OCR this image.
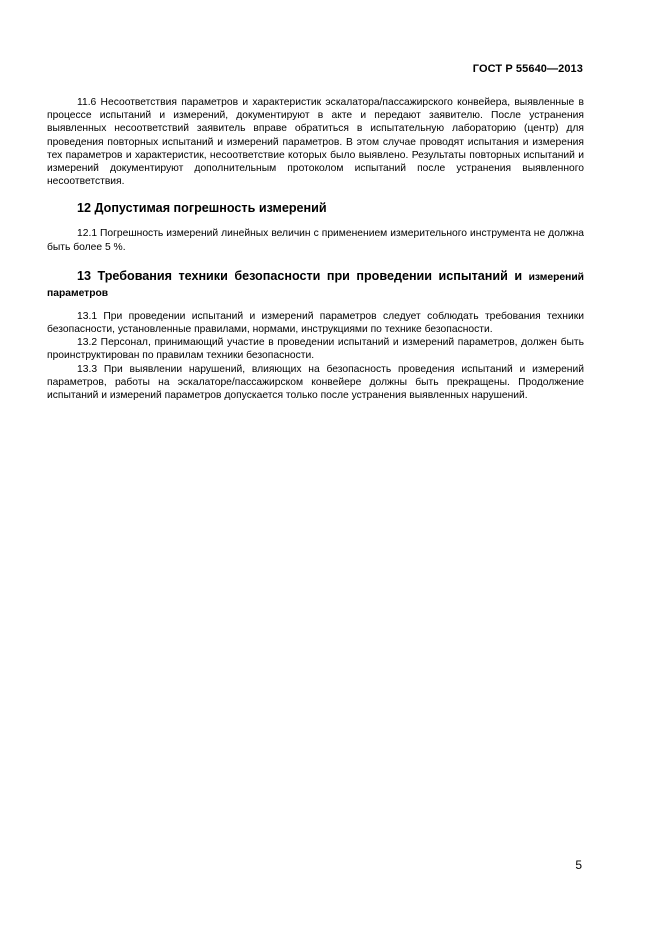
ГОСТ Р 55640—2013

11.6 Несоответствия параметров и характеристик эскалатора/пассажирского конвейера, выявленные в процессе испытаний и измерений, документируют в акте и передают заявителю. После устранения выявленных несоответствий заявитель вправе обратиться в испытательную лабораторию (центр) для проведения повторных испытаний и измерений параметров. В этом случае проводят испытания и измерения тех параметров и характеристик, несоответствие которых было выявлено. Результаты повторных испытаний и измерений документируют дополнительным протоколом испытаний после устранения выявленного несоответствия.

12 Допустимая погрешность измерений

12.1 Погрешность измерений линейных величин с применением измерительного инструмента не должна быть более 5 %.

13 Требования техники безопасности при проведении испытаний и измерений параметров

13.1 При проведении испытаний и измерений параметров следует соблюдать требования техники безопасности, установленные правилами, нормами, инструкциями по технике безопасности.

13.2 Персонал, принимающий участие в проведении испытаний и измерений параметров, должен быть проинструктирован по правилам техники безопасности.

13.3 При выявлении нарушений, влияющих на безопасность проведения испытаний и измерений параметров, работы на эскалаторе/пассажирском конвейере должны быть прекращены. Продолжение испытаний и измерений параметров допускается только после устранения выявленных нарушений.

5
